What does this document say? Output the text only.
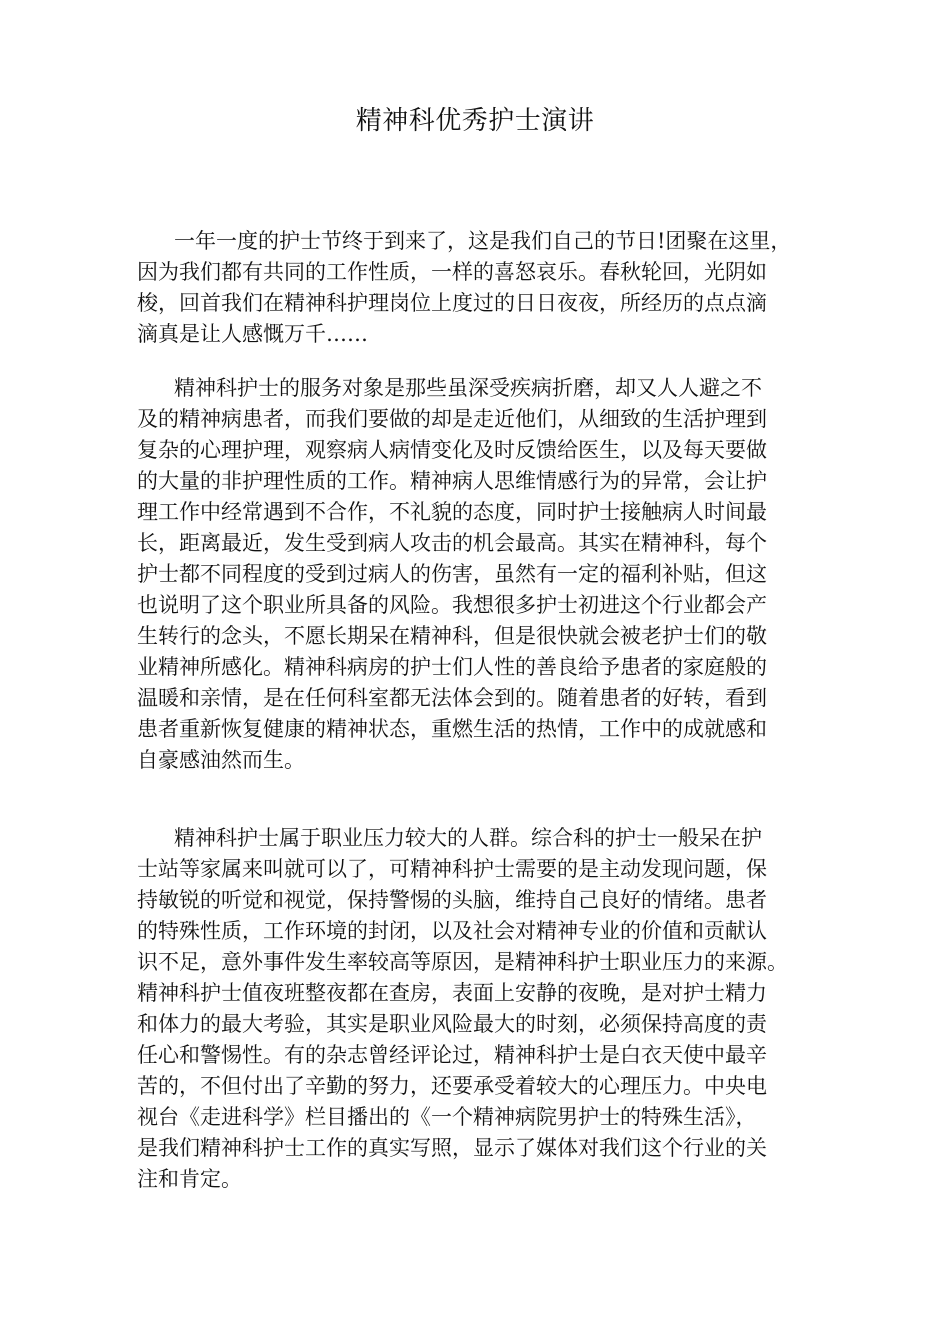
精神科优秀护士演讲
一年一度的护士节终于到来了，这是我们自己的节日!团聚在这里，
因为我们都有共同的工作性质，一样的喜怒哀乐。春秋轮回，光阴如
梭，回首我们在精神科护理岗位上度过的日日夜夜，所经历的点点滴
滴真是让人感慨万千……
精神科护士的服务对象是那些虽深受疾病折磨，却又人人避之不
及的精神病患者，而我们要做的却是走近他们，从细致的生活护理到
复杂的心理护理，观察病人病情变化及时反馈给医生，以及每天要做
的大量的非护理性质的工作。精神病人思维情感行为的异常，会让护
理工作中经常遇到不合作，不礼貌的态度，同时护士接触病人时间最
长，距离最近，发生受到病人攻击的机会最高。其实在精神科，每个
护士都不同程度的受到过病人的伤害，虽然有一定的福利补贴，但这
也说明了这个职业所具备的风险。我想很多护士初进这个行业都会产
生转行的念头，不愿长期呆在精神科，但是很快就会被老护士们的敬
业精神所感化。精神科病房的护士们人性的善良给予患者的家庭般的
温暖和亲情，是在任何科室都无法体会到的。随着患者的好转，看到
患者重新恢复健康的精神状态，重燃生活的热情，工作中的成就感和
自豪感油然而生。
精神科护士属于职业压力较大的人群。综合科的护士一般呆在护
士站等家属来叫就可以了，可精神科护士需要的是主动发现问题，保
持敏锐的听觉和视觉，保持警惕的头脑，维持自己良好的情绪。患者
的特殊性质，工作环境的封闭，以及社会对精神专业的价值和贡献认
识不足，意外事件发生率较高等原因，是精神科护士职业压力的来源。
精神科护士值夜班整夜都在查房，表面上安静的夜晚，是对护士精力
和体力的最大考验，其实是职业风险最大的时刻，必须保持高度的责
任心和警惕性。有的杂志曾经评论过，精神科护士是白衣天使中最辛
苦的，不但付出了辛勤的努力，还要承受着较大的心理压力。中央电
视台《走进科学》栏目播出的《一个精神病院男护士的特殊生活》，
是我们精神科护士工作的真实写照，显示了媒体对我们这个行业的关
注和肯定。
